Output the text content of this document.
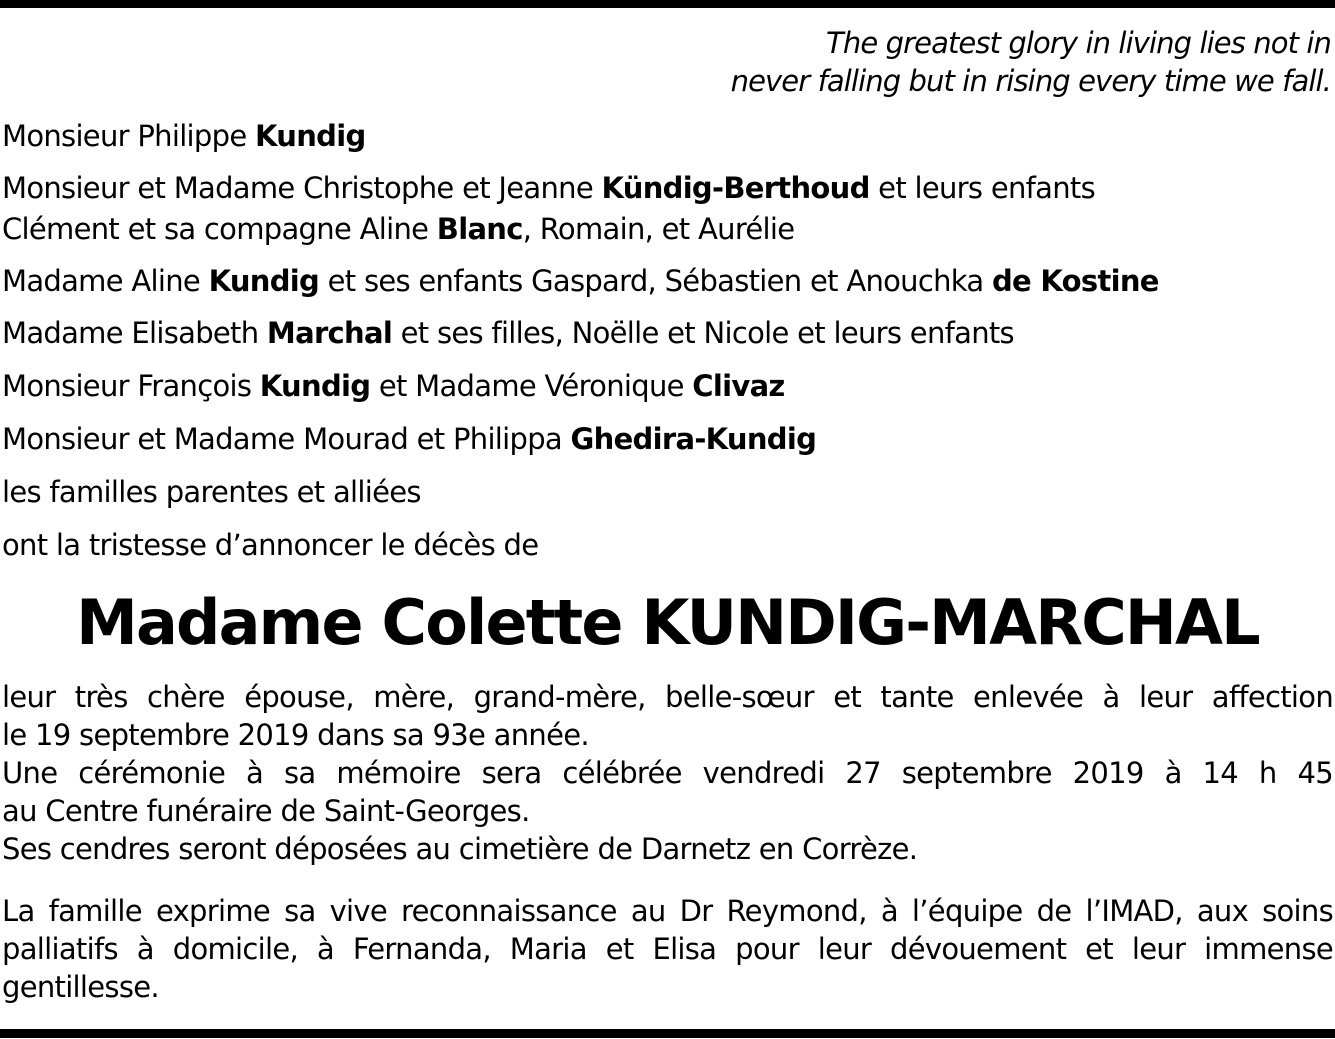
The greatest glory in living lies not in
never falling but in rising every time we fall.
Monsieur Philippe Kundig
Monsieur et Madame Christophe et Jeanne Kündig-Berthoud et leurs enfants
Clément et sa compagne Aline Blanc, Romain, et Aurélie
Madame Aline Kundig et ses enfants Gaspard, Sébastien et Anouchka de Kostine
Madame Elisabeth Marchal et ses filles, Noëlle et Nicole et leurs enfants
Monsieur François Kundig et Madame Véronique Clivaz
Monsieur et Madame Mourad et Philippa Ghedira-Kundig
les familles parentes et alliées
ont la tristesse d’annoncer le décès de
Madame Colette KUNDIG-MARCHAL
leur très chère épouse, mère, grand-mère, belle-sœur et tante enlevée à leur affection
le 19 septembre 2019 dans sa 93e année.
Une cérémonie à sa mémoire sera célébrée vendredi 27 septembre 2019 à 14 h 45
au Centre funéraire de Saint-Georges.
Ses cendres seront déposées au cimetière de Darnetz en Corrèze.
La famille exprime sa vive reconnaissance au Dr Reymond, à l’équipe de l’IMAD, aux soins
palliatifs à domicile, à Fernanda, Maria et Elisa pour leur dévouement et leur immense
gentillesse.
